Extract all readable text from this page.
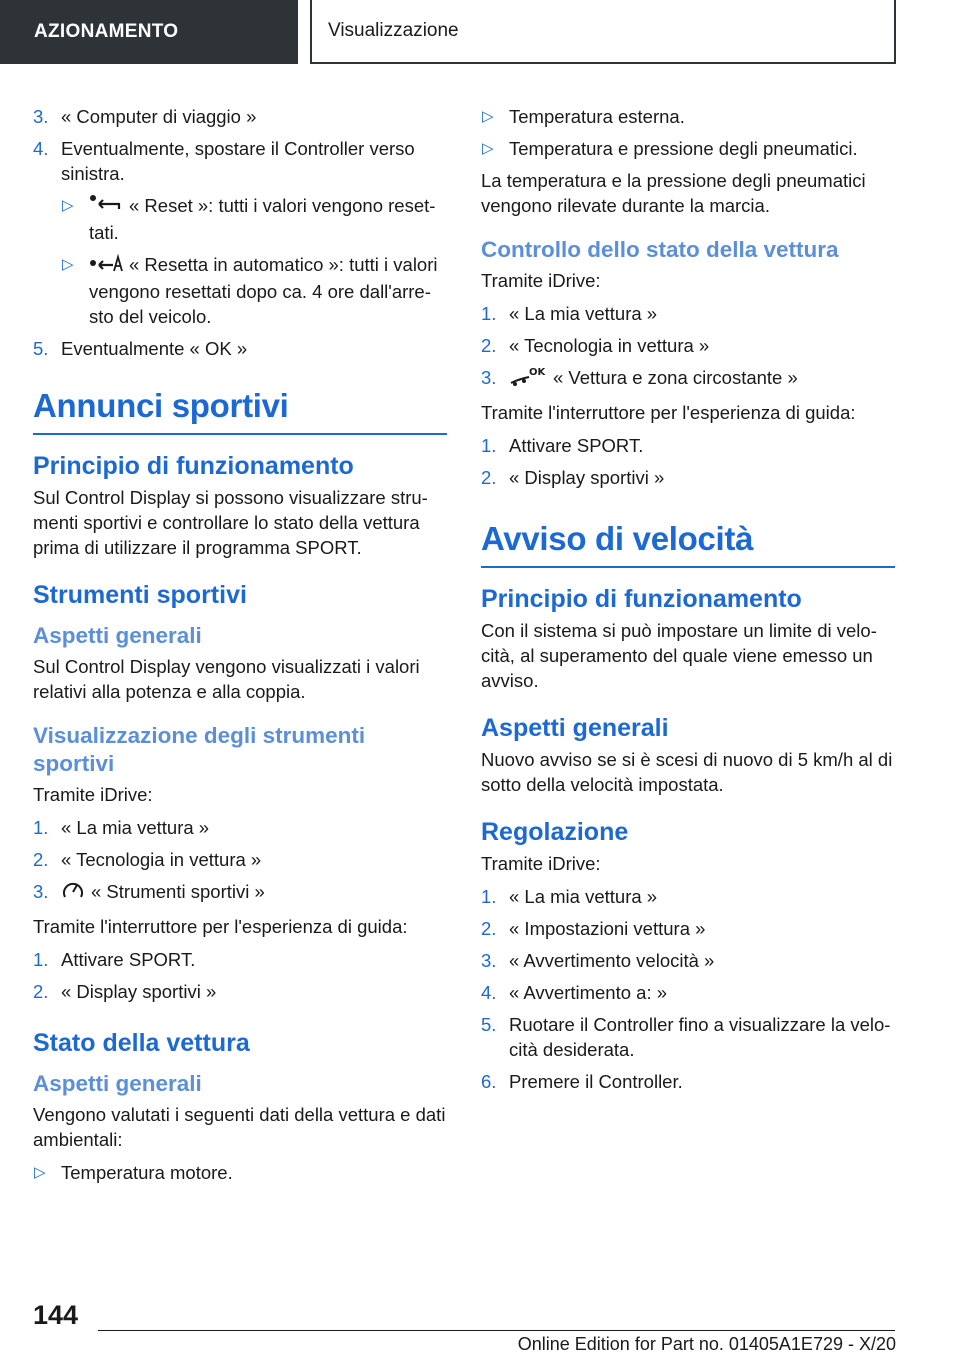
AZIONAMENTO	Visualizzazione
3. « Computer di viaggio »
4. Eventualmente, spostare il Controller verso sinistra.
▷	« Reset »: tutti i valori vengono reset-tati.
▷	« Resetta in automatico »: tutti i valori vengono resettati dopo ca. 4 ore dall'arre-sto del veicolo.
5. Eventualmente « OK »
Annunci sportivi
Principio di funzionamento

Sul Control Display si possono visualizzare stru-menti sportivi e controllare lo stato della vettura prima di utilizzare il programma SPORT.

Strumenti sportivi
Aspetti generali

Sul Control Display vengono visualizzati i valori relativi alla potenza e alla coppia.

Visualizzazione degli strumenti sportivi

Tramite iDrive:

1. « La mia vettura »
2. « Tecnologia in vettura »
3. « Strumenti sportivi »

Tramite l'interruttore per l'esperienza di guida:

1. Attivare SPORT.
2. « Display sportivi »
Stato della vettura
Aspetti generali

Vengono valutati i seguenti dati della vettura e dati ambientali:

▷ Temperatura motore.
▷ Temperatura esterna.
▷ Temperatura e pressione degli pneumatici.

La temperatura e la pressione degli pneumatici vengono rilevate durante la marcia.

Controllo dello stato della vettura

Tramite iDrive:

1. « La mia vettura »
2. « Tecnologia in vettura »
3.	OK « Vettura e zona circostante »

Tramite l'interruttore per l'esperienza di guida:

1. Attivare SPORT.
2. « Display sportivi »
Avviso di velocità
Principio di funzionamento

Con il sistema si può impostare un limite di velo-cità, al superamento del quale viene emesso un avviso.

Aspetti generali

Nuovo avviso se si è scesi di nuovo di 5 km/h al di sotto della velocità impostata.

Regolazione

Tramite iDrive:

1. « La mia vettura »
2. « Impostazioni vettura »
3. « Avvertimento velocità »
4. « Avvertimento a: »
5. Ruotare il Controller fino a visualizzare la velo-cità desiderata.
6. Premere il Controller.
144
Online Edition for Part no. 01405A1E729 - X/20
